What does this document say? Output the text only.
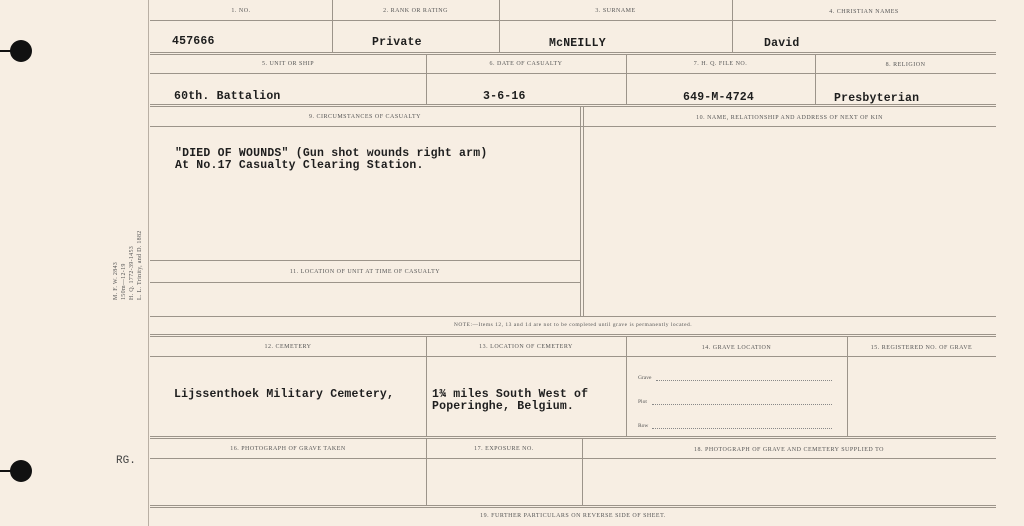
M. F. W. 2843 150m—12-19 H. Q. 1772-39-1453 L. L. Trinity, and D. 1882
RG.
1. NO.	2. RANK OR RATING	3. SURNAME	4. CHRISTIAN NAMES
457666	Private	McNEILLY	David
5. UNIT OR SHIP	6. DATE OF CASUALTY	7. H. Q. FILE NO.	8. RELIGION
60th. Battalion	3-6-16	649-M-4724	Presbyterian
9. CIRCUMSTANCES OF CASUALTY	10. NAME, RELATIONSHIP AND ADDRESS OF NEXT OF KIN
"DIED OF WOUNDS" (Gun shot wounds right arm)
At No.17 Casualty Clearing Station.
11. LOCATION OF UNIT AT TIME OF CASUALTY
NOTE:—Items 12, 13 and 14 are not to be completed until grave is permanently located.
12. CEMETERY	13. LOCATION OF CEMETERY	14. GRAVE LOCATION	15. REGISTERED NO. OF GRAVE
Lijssenthoek Military Cemetery,	1¾ miles South West of
Poperinghe, Belgium.
Grave
Plot
Row
16. PHOTOGRAPH OF GRAVE TAKEN	17. EXPOSURE NO.	18. PHOTOGRAPH OF GRAVE AND CEMETERY SUPPLIED TO
19. FURTHER PARTICULARS ON REVERSE SIDE OF SHEET.
